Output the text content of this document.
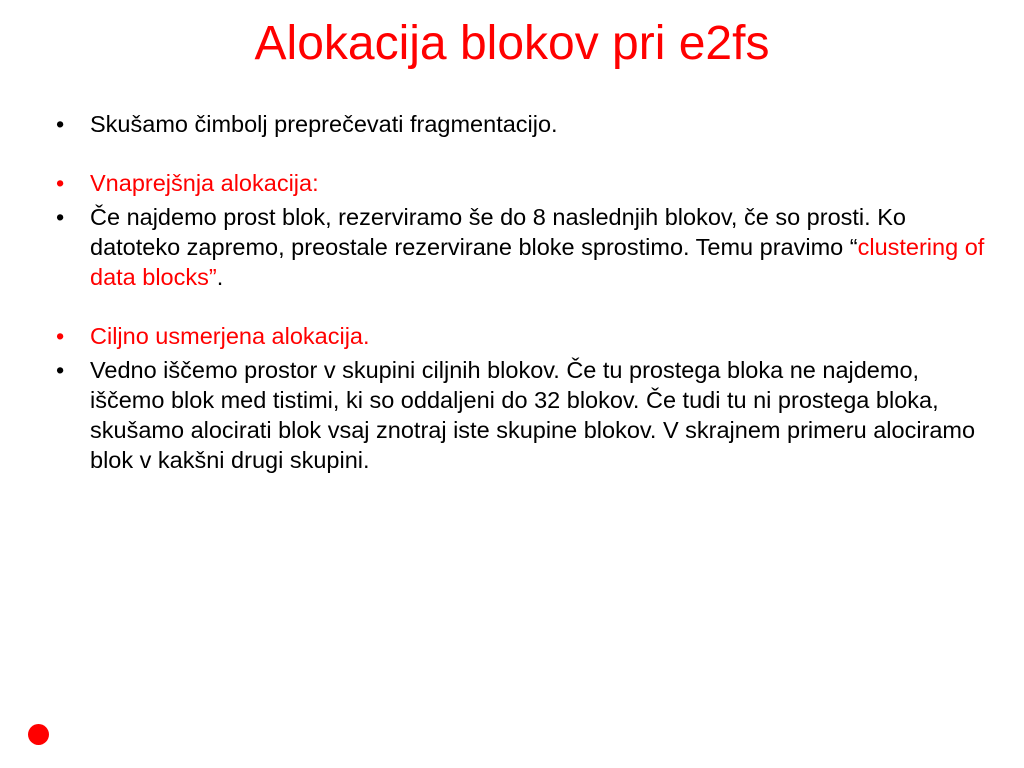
Alokacija blokov pri e2fs
• Skušamo čimbolj preprečevati fragmentacijo.
• Vnaprejšnja alokacija:
• Če najdemo prost blok, rezerviramo še do 8 naslednjih blokov, če so prosti. Ko datoteko zapremo, preostale rezervirane bloke sprostimo. Temu pravimo “clustering of data blocks”.
• Ciljno usmerjena alokacija.
• Vedno iščemo prostor v skupini ciljnih blokov. Če tu prostega bloka ne najdemo, iščemo blok med tistimi, ki so oddaljeni do 32 blokov. Če tudi tu ni prostega bloka, skušamo alocirati blok vsaj znotraj iste skupine blokov. V skrajnem primeru alociramo blok v kakšni drugi skupini.
